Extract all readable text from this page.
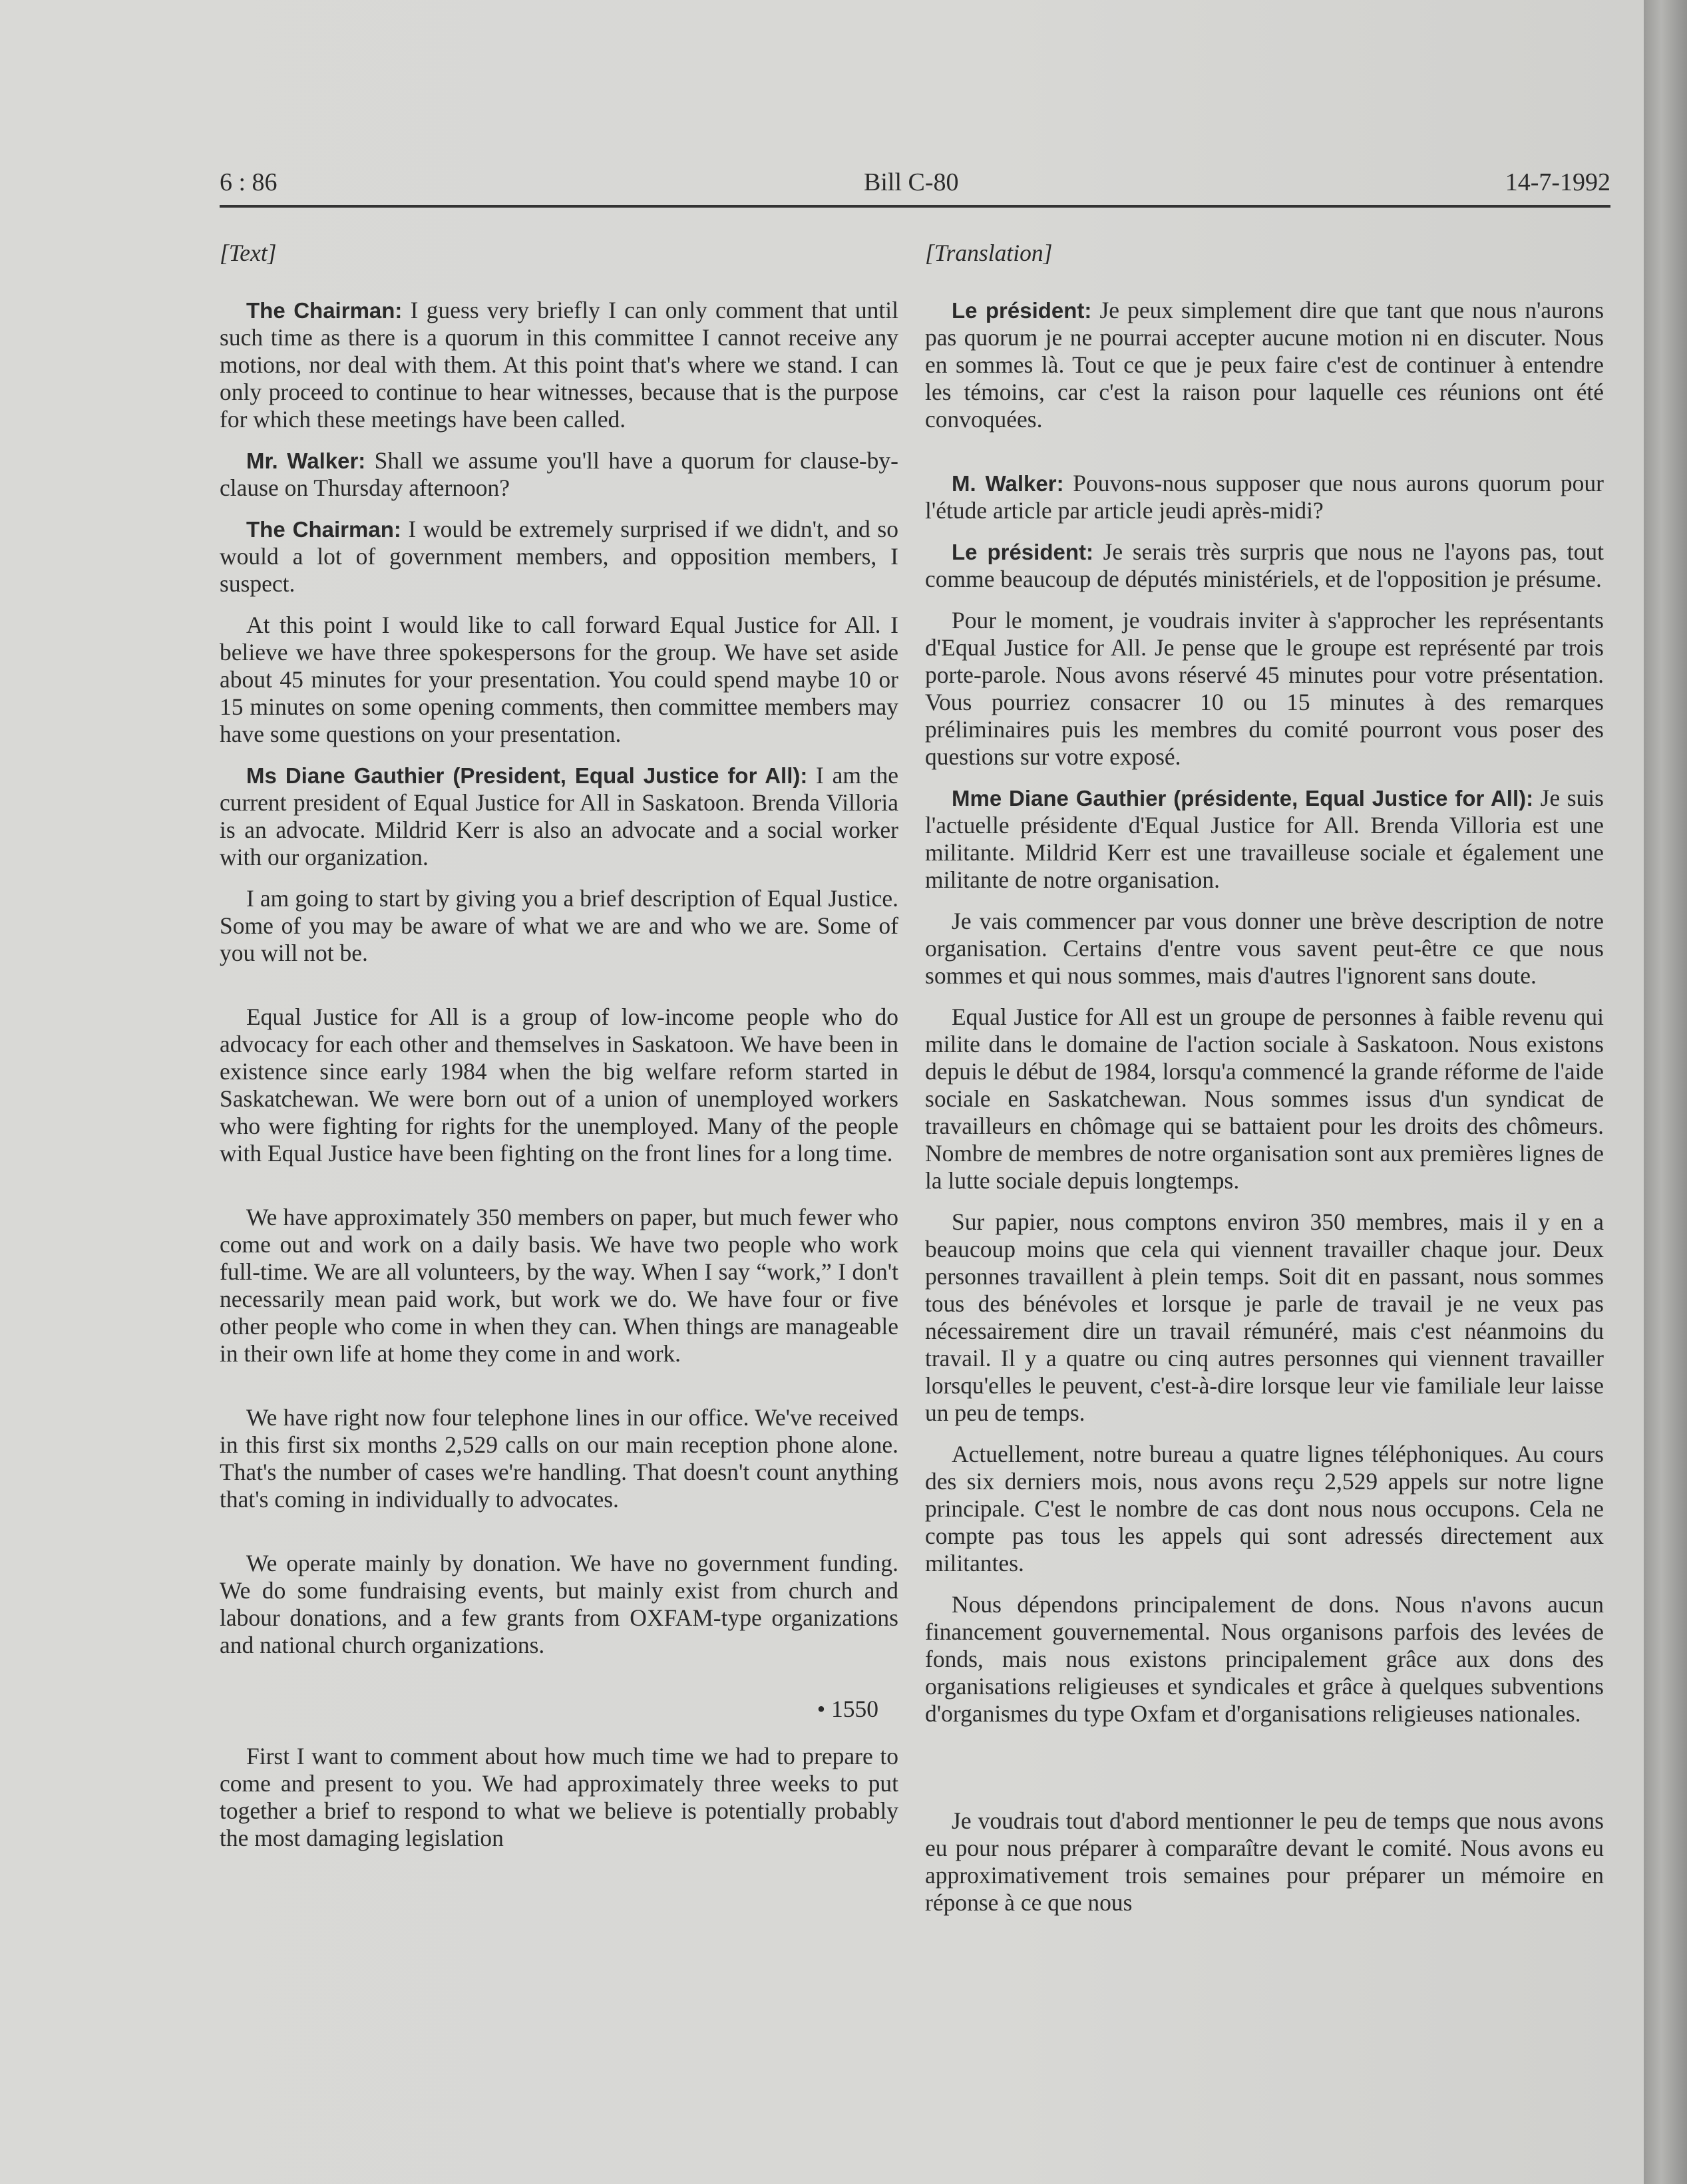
6 : 86	Bill C-80	14-7-1992
[Text]

The Chairman: I guess very briefly I can only comment that until such time as there is a quorum in this committee I cannot receive any motions, nor deal with them. At this point that's where we stand. I can only proceed to continue to hear witnesses, because that is the purpose for which these meetings have been called.

Mr. Walker: Shall we assume you'll have a quorum for clause-by-clause on Thursday afternoon?

The Chairman: I would be extremely surprised if we didn't, and so would a lot of government members, and opposition members, I suspect.

At this point I would like to call forward Equal Justice for All. I believe we have three spokespersons for the group. We have set aside about 45 minutes for your presentation. You could spend maybe 10 or 15 minutes on some opening comments, then committee members may have some questions on your presentation.

Ms Diane Gauthier (President, Equal Justice for All): I am the current president of Equal Justice for All in Saskatoon. Brenda Villoria is an advocate. Mildrid Kerr is also an advocate and a social worker with our organization.

I am going to start by giving you a brief description of Equal Justice. Some of you may be aware of what we are and who we are. Some of you will not be.

Equal Justice for All is a group of low-income people who do advocacy for each other and themselves in Saskatoon. We have been in existence since early 1984 when the big welfare reform started in Saskatchewan. We were born out of a union of unemployed workers who were fighting for rights for the unemployed. Many of the people with Equal Justice have been fighting on the front lines for a long time.

We have approximately 350 members on paper, but much fewer who come out and work on a daily basis. We have two people who work full-time. We are all volunteers, by the way. When I say “work,” I don't necessarily mean paid work, but work we do. We have four or five other people who come in when they can. When things are manageable in their own life at home they come in and work.

We have right now four telephone lines in our office. We've received in this first six months 2,529 calls on our main reception phone alone. That's the number of cases we're handling. That doesn't count anything that's coming in individually to advocates.

We operate mainly by donation. We have no government funding. We do some fundraising events, but mainly exist from church and labour donations, and a few grants from OXFAM-type organizations and national church organizations.

• 1550

First I want to comment about how much time we had to prepare to come and present to you. We had approximately three weeks to put together a brief to respond to what we believe is potentially probably the most damaging legislation

[Translation]

Le président: Je peux simplement dire que tant que nous n'aurons pas quorum je ne pourrai accepter aucune motion ni en discuter. Nous en sommes là. Tout ce que je peux faire c'est de continuer à entendre les témoins, car c'est la raison pour laquelle ces réunions ont été convoquées.

M. Walker: Pouvons-nous supposer que nous aurons quorum pour l'étude article par article jeudi après-midi?

Le président: Je serais très surpris que nous ne l'ayons pas, tout comme beaucoup de députés ministériels, et de l'opposition je présume.

Pour le moment, je voudrais inviter à s'approcher les représentants d'Equal Justice for All. Je pense que le groupe est représenté par trois porte-parole. Nous avons réservé 45 minutes pour votre présentation. Vous pourriez consacrer 10 ou 15 minutes à des remarques préliminaires puis les membres du comité pourront vous poser des questions sur votre exposé.

Mme Diane Gauthier (présidente, Equal Justice for All): Je suis l'actuelle présidente d'Equal Justice for All. Brenda Villoria est une militante. Mildrid Kerr est une travailleuse sociale et également une militante de notre organisation.

Je vais commencer par vous donner une brève description de notre organisation. Certains d'entre vous savent peut-être ce que nous sommes et qui nous sommes, mais d'autres l'ignorent sans doute.

Equal Justice for All est un groupe de personnes à faible revenu qui milite dans le domaine de l'action sociale à Saskatoon. Nous existons depuis le début de 1984, lorsqu'a commencé la grande réforme de l'aide sociale en Saskatchewan. Nous sommes issus d'un syndicat de travailleurs en chômage qui se battaient pour les droits des chômeurs. Nombre de membres de notre organisation sont aux premières lignes de la lutte sociale depuis longtemps.

Sur papier, nous comptons environ 350 membres, mais il y en a beaucoup moins que cela qui viennent travailler chaque jour. Deux personnes travaillent à plein temps. Soit dit en passant, nous sommes tous des bénévoles et lorsque je parle de travail je ne veux pas nécessairement dire un travail rémunéré, mais c'est néanmoins du travail. Il y a quatre ou cinq autres personnes qui viennent travailler lorsqu'elles le peuvent, c'est-à-dire lorsque leur vie familiale leur laisse un peu de temps.

Actuellement, notre bureau a quatre lignes téléphoniques. Au cours des six derniers mois, nous avons reçu 2,529 appels sur notre ligne principale. C'est le nombre de cas dont nous nous occupons. Cela ne compte pas tous les appels qui sont adressés directement aux militantes.

Nous dépendons principalement de dons. Nous n'avons aucun financement gouvernemental. Nous organisons parfois des levées de fonds, mais nous existons principalement grâce aux dons des organisations religieuses et syndicales et grâce à quelques subventions d'organismes du type Oxfam et d'organisations religieuses nationales.

Je voudrais tout d'abord mentionner le peu de temps que nous avons eu pour nous préparer à comparaître devant le comité. Nous avons eu approximativement trois semaines pour préparer un mémoire en réponse à ce que nous
